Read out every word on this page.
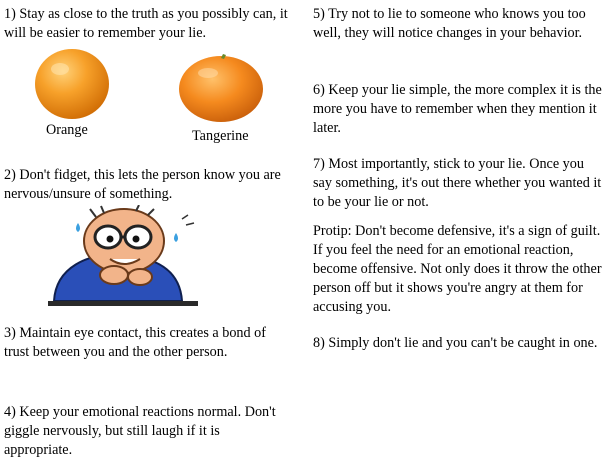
1) Stay as close to the truth as you possibly can, it will be easier to remember your lie.

Orange	Tangerine

2) Don't fidget, this lets the person know you are nervous/unsure of something.

3) Maintain eye contact, this creates a bond of trust between you and the other person.

4) Keep your emotional reactions normal. Don't giggle nervously, but still laugh if it is appropriate.

5) Try not to lie to someone who knows you too well, they will notice changes in your behavior.

6) Keep your lie simple, the more complex it is the more you have to remember when they mention it later.

7) Most importantly, stick to your lie. Once you say something, it's out there whether you wanted it to be your lie or not.

Protip: Don't become defensive, it's a sign of guilt. If you feel the need for an emotional reaction, become offensive. Not only does it throw the other person off but it shows you're angry at them for accusing you.

8) Simply don't lie and you can't be caught in one.
